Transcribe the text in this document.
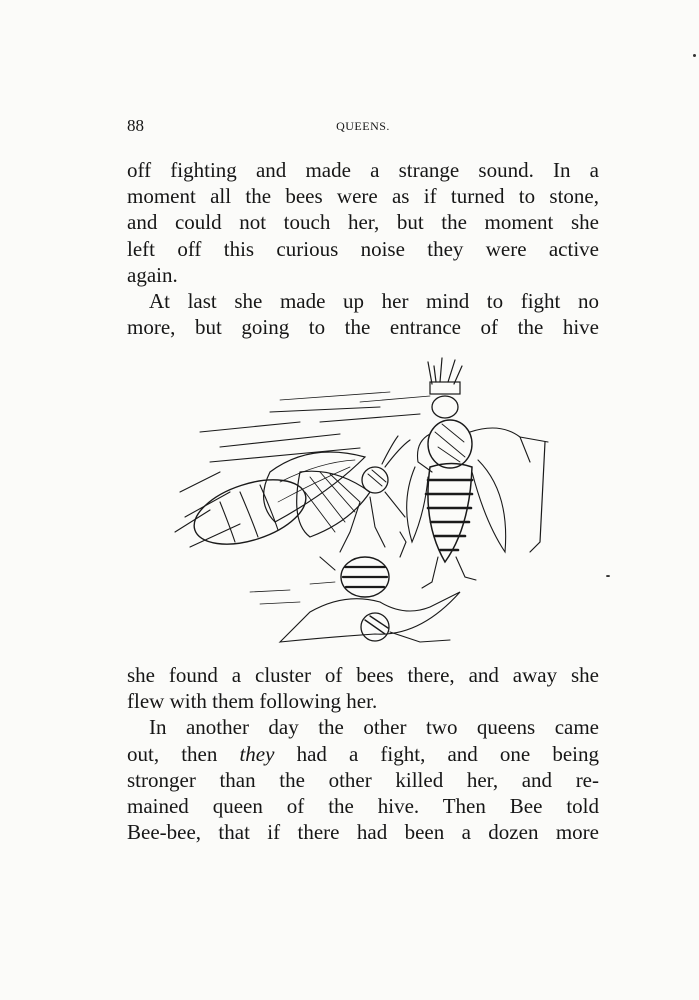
88	QUEENS.
off fighting and made a strange sound. In a
moment all the bees were as if turned to stone,
and could not touch her, but the moment she
left off this curious noise they were active
again.
At last she made up her mind to fight no
more, but going to the entrance of the hive
she found a cluster of bees there, and away she
flew with them following her.
In another day the other two queens came
out, then they had a fight, and one being
stronger than the other killed her, and re-
mained queen of the hive. Then Bee told
Bee-bee, that if there had been a dozen more
